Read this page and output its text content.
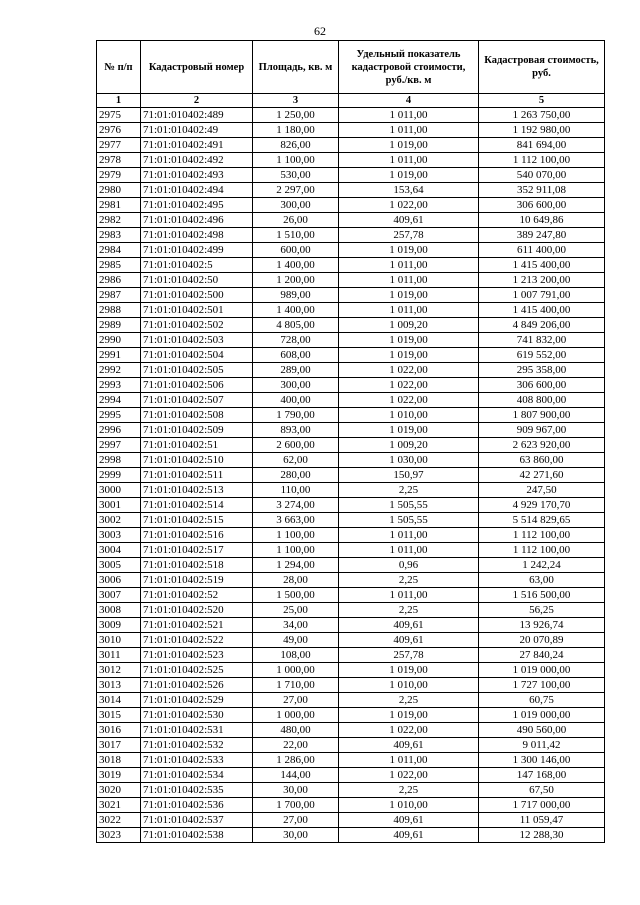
62
№ п/п	Кадастровый номер	Площадь, кв. м	Удельный показатель кадастровой стоимости, руб./кв. м	Кадастровая стоимость, руб.
1	2	3	4	5
2975	71:01:010402:489	1 250,00	1 011,00	1 263 750,00
2976	71:01:010402:49	1 180,00	1 011,00	1 192 980,00
2977	71:01:010402:491	826,00	1 019,00	841 694,00
2978	71:01:010402:492	1 100,00	1 011,00	1 112 100,00
2979	71:01:010402:493	530,00	1 019,00	540 070,00
2980	71:01:010402:494	2 297,00	153,64	352 911,08
2981	71:01:010402:495	300,00	1 022,00	306 600,00
2982	71:01:010402:496	26,00	409,61	10 649,86
2983	71:01:010402:498	1 510,00	257,78	389 247,80
2984	71:01:010402:499	600,00	1 019,00	611 400,00
2985	71:01:010402:5	1 400,00	1 011,00	1 415 400,00
2986	71:01:010402:50	1 200,00	1 011,00	1 213 200,00
2987	71:01:010402:500	989,00	1 019,00	1 007 791,00
2988	71:01:010402:501	1 400,00	1 011,00	1 415 400,00
2989	71:01:010402:502	4 805,00	1 009,20	4 849 206,00
2990	71:01:010402:503	728,00	1 019,00	741 832,00
2991	71:01:010402:504	608,00	1 019,00	619 552,00
2992	71:01:010402:505	289,00	1 022,00	295 358,00
2993	71:01:010402:506	300,00	1 022,00	306 600,00
2994	71:01:010402:507	400,00	1 022,00	408 800,00
2995	71:01:010402:508	1 790,00	1 010,00	1 807 900,00
2996	71:01:010402:509	893,00	1 019,00	909 967,00
2997	71:01:010402:51	2 600,00	1 009,20	2 623 920,00
2998	71:01:010402:510	62,00	1 030,00	63 860,00
2999	71:01:010402:511	280,00	150,97	42 271,60
3000	71:01:010402:513	110,00	2,25	247,50
3001	71:01:010402:514	3 274,00	1 505,55	4 929 170,70
3002	71:01:010402:515	3 663,00	1 505,55	5 514 829,65
3003	71:01:010402:516	1 100,00	1 011,00	1 112 100,00
3004	71:01:010402:517	1 100,00	1 011,00	1 112 100,00
3005	71:01:010402:518	1 294,00	0,96	1 242,24
3006	71:01:010402:519	28,00	2,25	63,00
3007	71:01:010402:52	1 500,00	1 011,00	1 516 500,00
3008	71:01:010402:520	25,00	2,25	56,25
3009	71:01:010402:521	34,00	409,61	13 926,74
3010	71:01:010402:522	49,00	409,61	20 070,89
3011	71:01:010402:523	108,00	257,78	27 840,24
3012	71:01:010402:525	1 000,00	1 019,00	1 019 000,00
3013	71:01:010402:526	1 710,00	1 010,00	1 727 100,00
3014	71:01:010402:529	27,00	2,25	60,75
3015	71:01:010402:530	1 000,00	1 019,00	1 019 000,00
3016	71:01:010402:531	480,00	1 022,00	490 560,00
3017	71:01:010402:532	22,00	409,61	9 011,42
3018	71:01:010402:533	1 286,00	1 011,00	1 300 146,00
3019	71:01:010402:534	144,00	1 022,00	147 168,00
3020	71:01:010402:535	30,00	2,25	67,50
3021	71:01:010402:536	1 700,00	1 010,00	1 717 000,00
3022	71:01:010402:537	27,00	409,61	11 059,47
3023	71:01:010402:538	30,00	409,61	12 288,30
